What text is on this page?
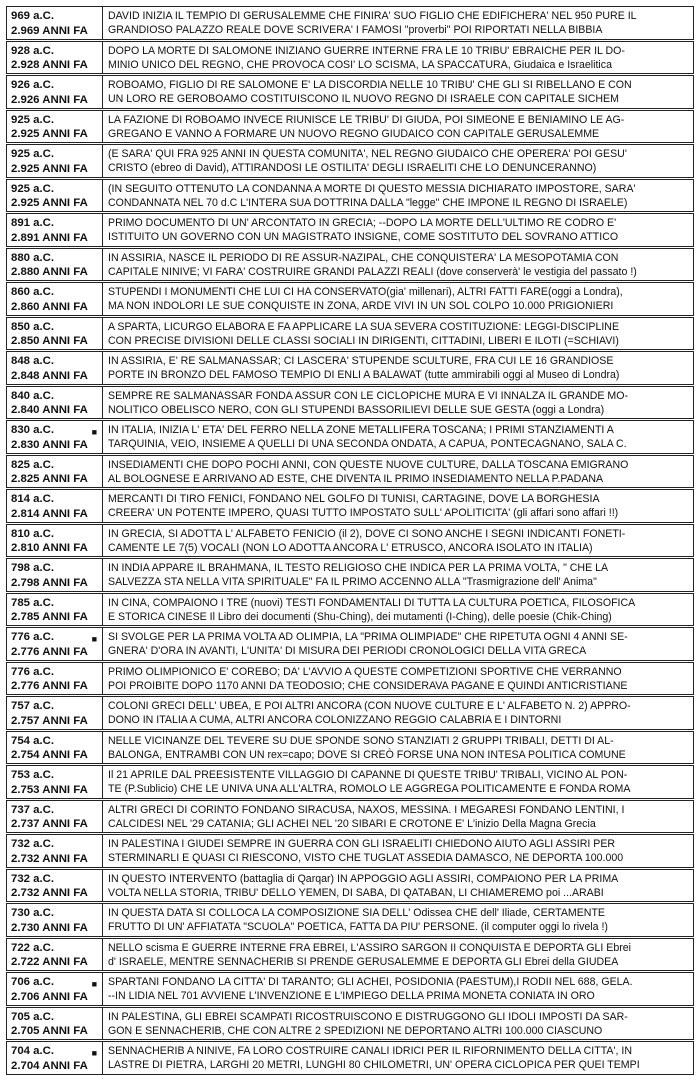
969 a.C.
2.969 ANNI FA
DAVID INIZIA IL TEMPIO DI GERUSALEMME CHE FINIRA' SUO FIGLIO CHE EDIFICHERA' NEL 950 PURE IL
GRANDIOSO PALAZZO REALE DOVE SCRIVERA' I FAMOSI "proverbi" POI RIPORTATI NELLA BIBBIA
928 a.C.
2.928 ANNI FA
DOPO LA MORTE DI SALOMONE INIZIANO GUERRE INTERNE FRA LE 10 TRIBU' EBRAICHE PER IL DO-
MINIO UNICO DEL REGNO, CHE PROVOCA COSI' LO SCISMA, LA SPACCATURA, Giudaica e Israelitica
926 a.C.
2.926 ANNI FA
ROBOAMO, FIGLIO DI RE SALOMONE E' LA DISCORDIA NELLE 10 TRIBU' CHE GLI SI RIBELLANO E CON
UN LORO RE GEROBOAMO COSTITUISCONO IL NUOVO REGNO DI ISRAELE CON CAPITALE SICHEM
925 a.C.
2.925 ANNI FA
LA FAZIONE DI ROBOAMO INVECE RIUNISCE LE TRIBU' DI GIUDA, POI SIMEONE E BENIAMINO LE AG-
GREGANO E VANNO A FORMARE UN NUOVO REGNO GIUDAICO CON CAPITALE GERUSALEMME
925 a.C.
2.925 ANNI FA
(E SARA' QUI FRA 925 ANNI IN QUESTA COMUNITA', NEL REGNO GIUDAICO CHE OPERERA' POI GESU'
CRISTO (ebreo di David), ATTIRANDOSI LE OSTILITA' DEGLI ISRAELITI CHE LO DENUNCERANNO)
925 a.C.
2.925 ANNI FA
(IN SEGUITO OTTENUTO LA CONDANNA A MORTE DI QUESTO MESSIA DICHIARATO IMPOSTORE, SARA'
CONDANNATA NEL 70 d.C L'INTERA SUA DOTTRINA DALLA "legge" CHE IMPONE IL REGNO DI ISRAELE)
891 a.C.
2.891 ANNI FA
PRIMO DOCUMENTO DI UN' ARCONTATO IN GRECIA; --DOPO LA MORTE DELL'ULTIMO RE CODRO E'
ISTITUITO UN GOVERNO CON UN MAGISTRATO INSIGNE, COME SOSTITUTO DEL SOVRANO ATTICO
880 a.C.
2.880 ANNI FA
IN ASSIRIA, NASCE IL PERIODO DI RE ASSUR-NAZIPAL, CHE CONQUISTERA' LA MESOPOTAMIA CON
CAPITALE NINIVE; VI FARA' COSTRUIRE GRANDI PALAZZI REALI (dove conserverà' le vestigia del passato !)
860 a.C.
2.860 ANNI FA
STUPENDI I MONUMENTI CHE LUI CI HA CONSERVATO(gia' millenari), ALTRI FATTI FARE(oggi a Londra),
MA NON INDOLORI LE SUE CONQUISTE IN ZONA, ARDE VIVI IN UN SOL COLPO 10.000 PRIGIONIERI
850 a.C.
2.850 ANNI FA
A SPARTA, LICURGO ELABORA E FA APPLICARE LA SUA SEVERA COSTITUZIONE: LEGGI-DISCIPLINE
CON PRECISE DIVISIONI DELLE CLASSI SOCIALI IN DIRIGENTI, CITTADINI, LIBERI E ILOTI (=SCHIAVI)
848 a.C.
2.848 ANNI FA
IN ASSIRIA, E' RE SALMANASSAR; CI LASCERA' STUPENDE SCULTURE, FRA CUI LE 16 GRANDIOSE
PORTE IN BRONZO DEL FAMOSO TEMPIO DI ENLI A BALAWAT (tutte ammirabili oggi al Museo di Londra)
840 a.C.
2.840 ANNI FA
SEMPRE RE SALMANASSAR FONDA ASSUR CON LE CICLOPICHE MURA E VI INNALZA IL GRANDE MO-
NOLITICO OBELISCO NERO, CON GLI STUPENDI BASSORILIEVI DELLE SUE GESTA (oggi a Londra)
830 a.C.
2.830 ANNI FA
■ IN ITALIA, INIZIA L' ETA' DEL FERRO NELLA ZONE METALLIFERA TOSCANA; I PRIMI STANZIAMENTI A
TARQUINIA, VEIO, INSIEME A QUELLI DI UNA SECONDA ONDATA, A CAPUA, PONTECAGNANO, SALA C.
825 a.C.
2.825 ANNI FA
INSEDIAMENTI CHE DOPO POCHI ANNI, CON QUESTE NUOVE CULTURE, DALLA TOSCANA EMIGRANO
AL BOLOGNESE E ARRIVANO AD ESTE, CHE DIVENTA IL PRIMO INSEDIAMENTO NELLA P.PADANA
814 a.C.
2.814 ANNI FA
MERCANTI DI TIRO FENICI, FONDANO NEL GOLFO DI TUNISI, CARTAGINE, DOVE LA BORGHESIA
CREERA' UN POTENTE IMPERO, QUASI TUTTO IMPOSTATO SULL' APOLITICITA' (gli affari sono affari !!)
810 a.C.
2.810 ANNI FA
IN GRECIA, SI ADOTTA L' ALFABETO FENICIO (il 2), DOVE CI SONO ANCHE I SEGNI INDICANTI FONETI-
CAMENTE LE 7(5) VOCALI (NON LO ADOTTA ANCORA L' ETRUSCO, ANCORA ISOLATO IN ITALIA)
798 a.C.
2.798 ANNI FA
IN INDIA APPARE IL BRAHMANA, IL TESTO RELIGIOSO CHE INDICA PER LA PRIMA VOLTA, " CHE LA
SALVEZZA STA NELLA VITA SPIRITUALE" FA IL PRIMO ACCENNO ALLA "Trasmigrazione dell' Anima"
785 a.C.
2.785 ANNI FA
IN CINA, COMPAIONO I TRE (nuovi) TESTI FONDAMENTALI DI TUTTA LA CULTURA POETICA, FILOSOFICA
E STORICA CINESE Il Libro dei documenti (Shu-Ching), dei mutamenti (I-Ching), delle poesie (Chik-Ching)
776 a.C.
2.776 ANNI FA
■ SI SVOLGE PER LA PRIMA VOLTA AD OLIMPIA, LA "PRIMA OLIMPIADE" CHE RIPETUTA OGNI 4 ANNI SE-
GNERA' D'ORA IN AVANTI, L'UNITA' DI MISURA DEI PERIODI CRONOLOGICI DELLA VITA GRECA
776 a.C.
2.776 ANNI FA
PRIMO OLIMPIONICO E' COREBO; DA' L'AVVIO A QUESTE COMPETIZIONI SPORTIVE CHE VERRANNO
POI PROIBITE DOPO 1170 ANNI DA TEODOSIO; CHE CONSIDERAVA PAGANE E QUINDI ANTICRISTIANE
757 a.C.
2.757 ANNI FA
COLONI GRECI DELL' UBEA, E POI ALTRI ANCORA (CON NUOVE CULTURE E L' ALFABETO N. 2) APPRO-
DONO IN ITALIA A CUMA, ALTRI ANCORA COLONIZZANO REGGIO CALABRIA E I DINTORNI
754 a.C.
2.754 ANNI FA
NELLE VICINANZE DEL TEVERE SU DUE SPONDE SONO STANZIATI 2 GRUPPI TRIBALI, DETTI DI AL-
BALONGA, ENTRAMBI CON UN rex=capo; DOVE SI CREÒ FORSE UNA NON INTESA POLITICA COMUNE
753 a.C.
2.753 ANNI FA
Il 21 APRILE DAL PREESISTENTE VILLAGGIO DI CAPANNE DI QUESTE TRIBU' TRIBALI, VICINO AL PON-
TE (P.Sublicio) CHE LE UNIVA UNA ALL'ALTRA, ROMOLO LE AGGREGA POLITICAMENTE E FONDA ROMA
737 a.C.
2.737 ANNI FA
ALTRI GRECI DI CORINTO FONDANO SIRACUSA, NAXOS, MESSINA. I MEGARESI FONDANO LENTINI, I
CALCIDESI NEL '29 CATANIA; GLI ACHEI NEL '20 SIBARI E CROTONE E' L'inizio Della Magna Grecia
732 a.C.
2.732 ANNI FA
IN PALESTINA I GIUDEI SEMPRE IN GUERRA CON GLI ISRAELITI CHIEDONO AIUTO AGLI ASSIRI PER
STERMINARLI E QUASI CI RIESCONO, VISTO CHE TUGLAT ASSEDIA DAMASCO, NE DEPORTA 100.000
732 a.C.
2.732 ANNI FA
IN QUESTO INTERVENTO (battaglia di Qarqar) IN APPOGGIO AGLI ASSIRI, COMPAIONO PER LA PRIMA
VOLTA NELLA STORIA, TRIBU' DELLO YEMEN, DI SABA, DI QATABAN, LI CHIAMEREMO poi ...ARABI
730 a.C.
2.730 ANNI FA
IN QUESTA DATA SI COLLOCA LA COMPOSIZIONE SIA DELL' Odissea CHE dell' Iliade, CERTAMENTE
FRUTTO DI UN' AFFIATATA "SCUOLA" POETICA, FATTA DA PIU' PERSONE. (il computer oggi lo rivela !)
722 a.C.
2.722 ANNI FA
NELLO scisma E GUERRE INTERNE FRA EBREI, L'ASSIRO SARGON II CONQUISTA E DEPORTA GLI Ebrei
d' ISRAELE, MENTRE SENNACHERIB SI PRENDE GERUSALEMME E DEPORTA GLI Ebrei della GIUDEA
706 a.C.
2.706 ANNI FA
■ SPARTANI FONDANO LA CITTA' DI TARANTO; GLI ACHEI, POSIDONIA (PAESTUM),I RODII NEL 688, GELA.
--IN LIDIA NEL 701 AVVIENE L'INVENZIONE E L'IMPIEGO DELLA PRIMA MONETA CONIATA IN ORO
705 a.C.
2.705 ANNI FA
IN PALESTINA, GLI EBREI SCAMPATI RICOSTRUISCONO E DISTRUGGONO GLI IDOLI IMPOSTI DA SAR-
GON E SENNACHERIB, CHE CON ALTRE 2 SPEDIZIONI NE DEPORTANO ALTRI 100.000 CIASCUNO
704 a.C.
2.704 ANNI FA
■ SENNACHERIB A NINIVE, FA LORO COSTRUIRE CANALI IDRICI PER IL RIFORNIMENTO DELLA CITTA', IN
LASTRE DI PIETRA, LARGHI 20 METRI, LUNGHI 80 CHILOMETRI, UN' OPERA CICLOPICA PER QUEI TEMPI
